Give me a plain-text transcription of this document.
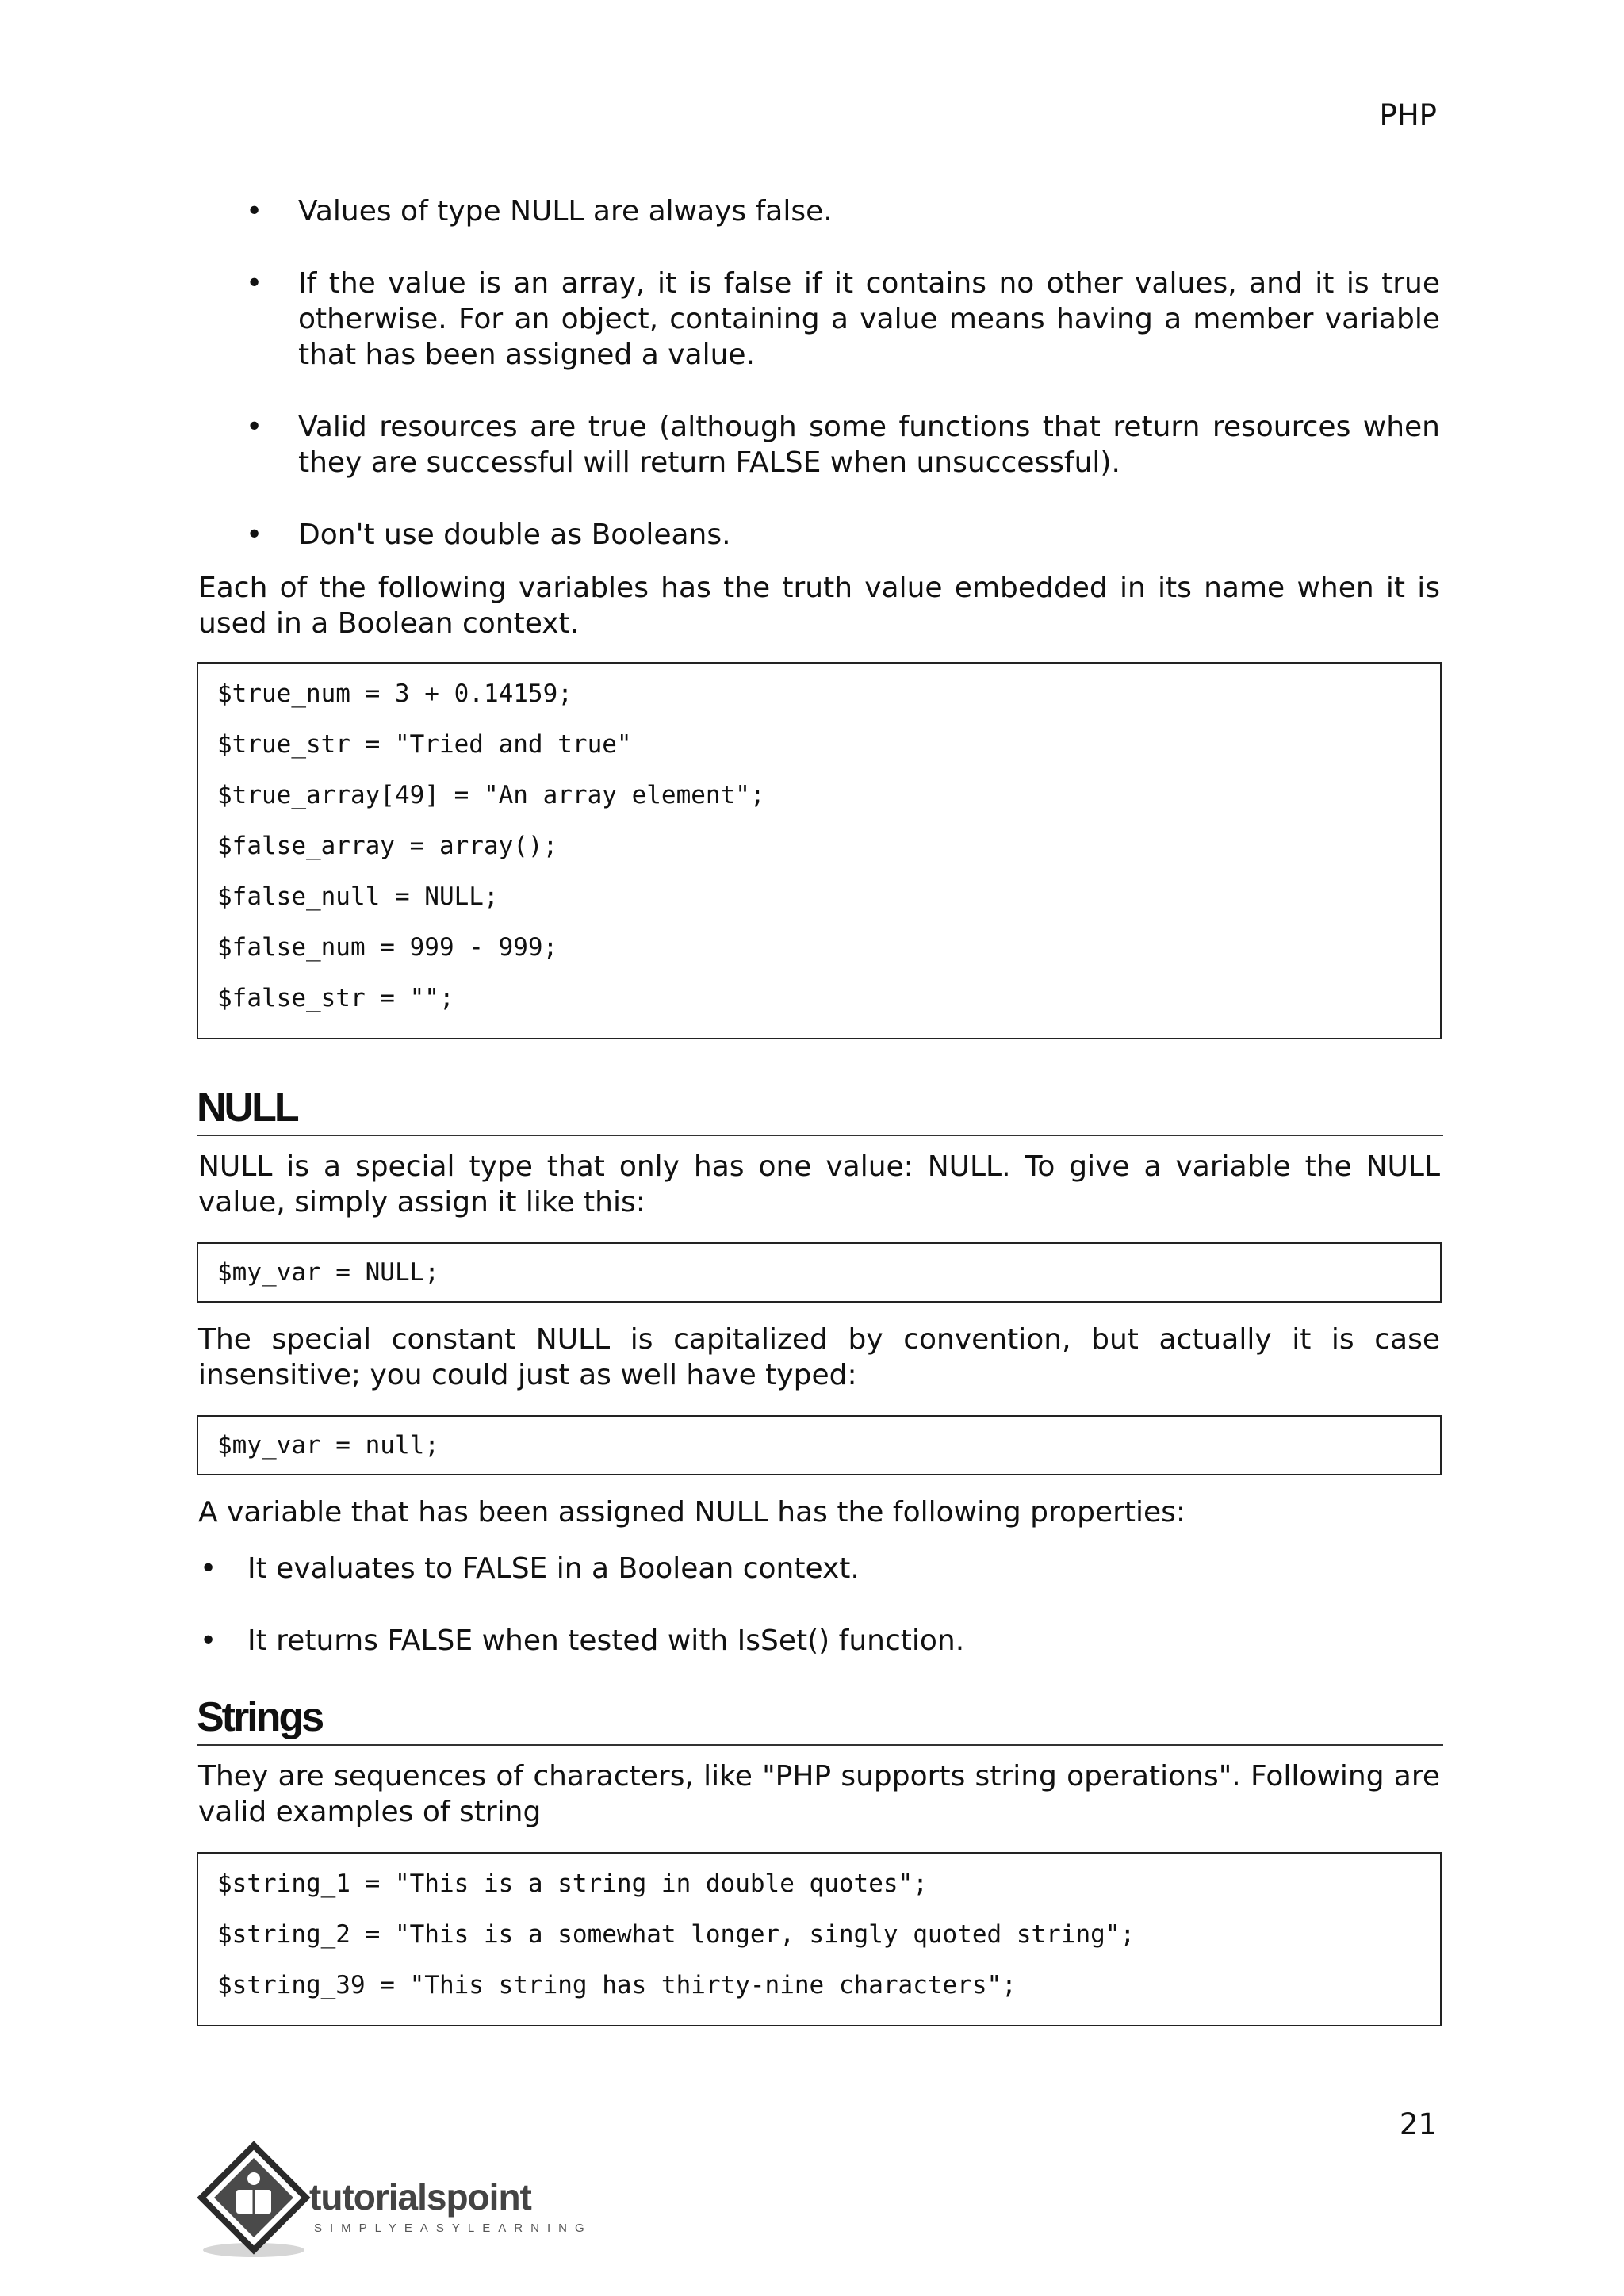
PHP
• Values of type NULL are always false.
• If the value is an array, it is false if it contains no other values, and it is true otherwise. For an object, containing a value means having a member variable that has been assigned a value.
• Valid resources are true (although some functions that return resources when they are successful will return FALSE when unsuccessful).
• Don't use double as Booleans.

Each of the following variables has the truth value embedded in its name when it is used in a Boolean context.

$true_num = 3 + 0.14159;
$true_str = "Tried and true"
$true_array[49] = "An array element";
$false_array = array();
$false_null = NULL;
$false_num = 999 - 999;
$false_str = "";
NULL

NULL is a special type that only has one value: NULL. To give a variable the NULL value, simply assign it like this:

$my_var = NULL;

The special constant NULL is capitalized by convention, but actually it is case insensitive; you could just as well have typed:

$my_var = null;

A variable that has been assigned NULL has the following properties:

• It evaluates to FALSE in a Boolean context.
• It returns FALSE when tested with IsSet() function.
Strings

They are sequences of characters, like "PHP supports string operations". Following are valid examples of string

$string_1 = "This is a string in double quotes";
$string_2 = "This is a somewhat longer, singly quoted string";
$string_39 = "This string has thirty-nine characters";
21
tutorialspoint
SIMPLYEASYLEARNING
